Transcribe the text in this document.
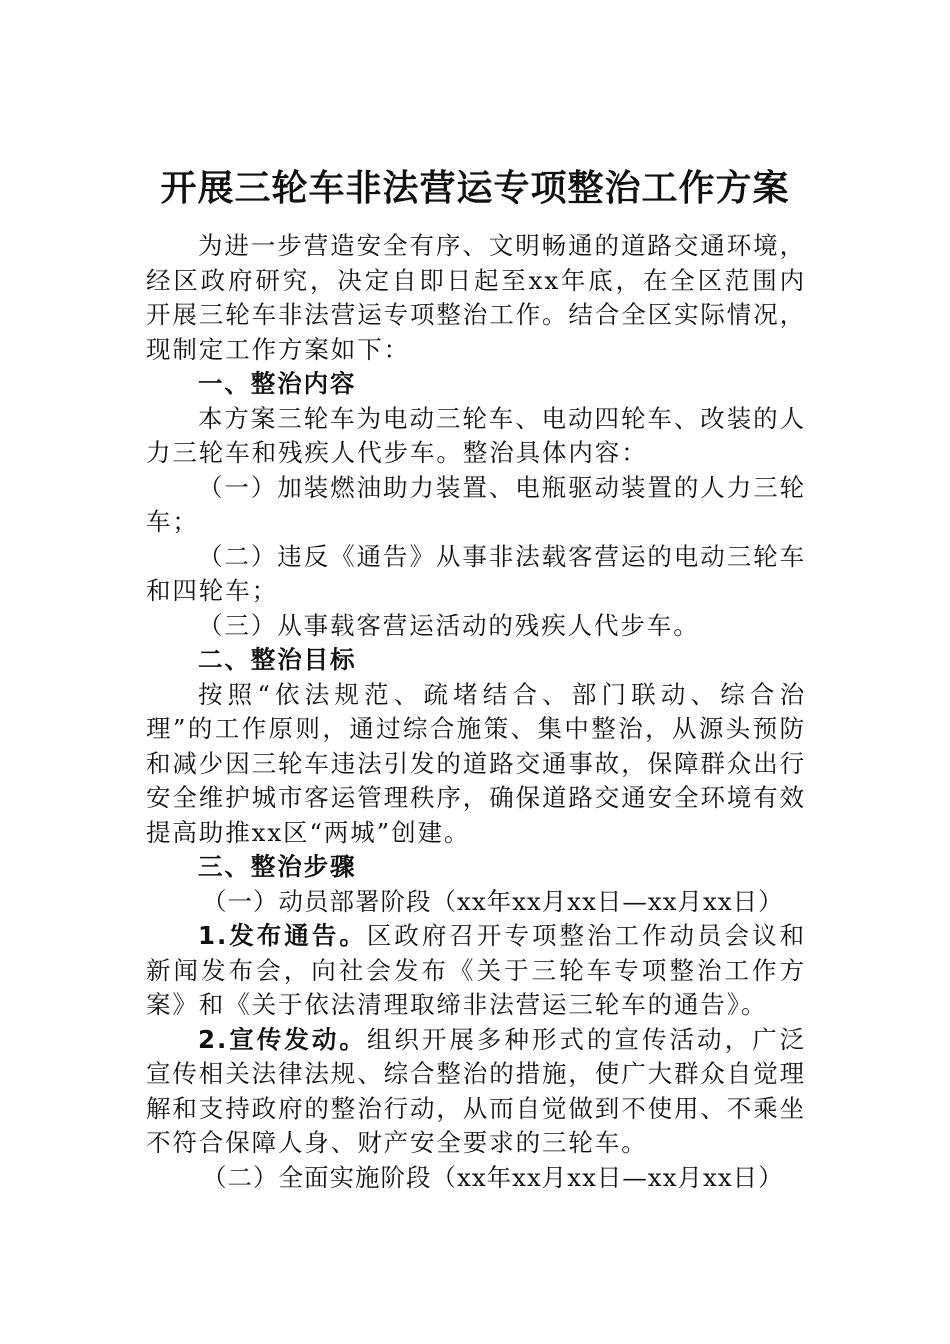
开展三轮车非法营运专项整治工作方案

为进一步营造安全有序、文明畅通的道路交通环境，经区政府研究，决定自即日起至xx年底，在全区范围内开展三轮车非法营运专项整治工作。结合全区实际情况，现制定工作方案如下：

一、整治内容

本方案三轮车为电动三轮车、电动四轮车、改装的人力三轮车和残疾人代步车。整治具体内容：

（一）加装燃油助力装置、电瓶驱动装置的人力三轮车；

（二）违反《通告》从事非法载客营运的电动三轮车和四轮车；

（三）从事载客营运活动的残疾人代步车。

二、整治目标

按照“依法规范、疏堵结合、部门联动、综合治理”的工作原则，通过综合施策、集中整治，从源头预防和减少因三轮车违法引发的道路交通事故，保障群众出行安全维护城市客运管理秩序，确保道路交通安全环境有效提高助推xx区“两城”创建。

三、整治步骤

（一）动员部署阶段（xx年xx月xx日—xx月xx日）

1.发布通告。区政府召开专项整治工作动员会议和新闻发布会，向社会发布《关于三轮车专项整治工作方案》和《关于依法清理取缔非法营运三轮车的通告》。

2.宣传发动。组织开展多种形式的宣传活动，广泛宣传相关法律法规、综合整治的措施，使广大群众自觉理解和支持政府的整治行动，从而自觉做到不使用、不乘坐不符合保障人身、财产安全要求的三轮车。

（二）全面实施阶段（xx年xx月xx日—xx月xx日）
